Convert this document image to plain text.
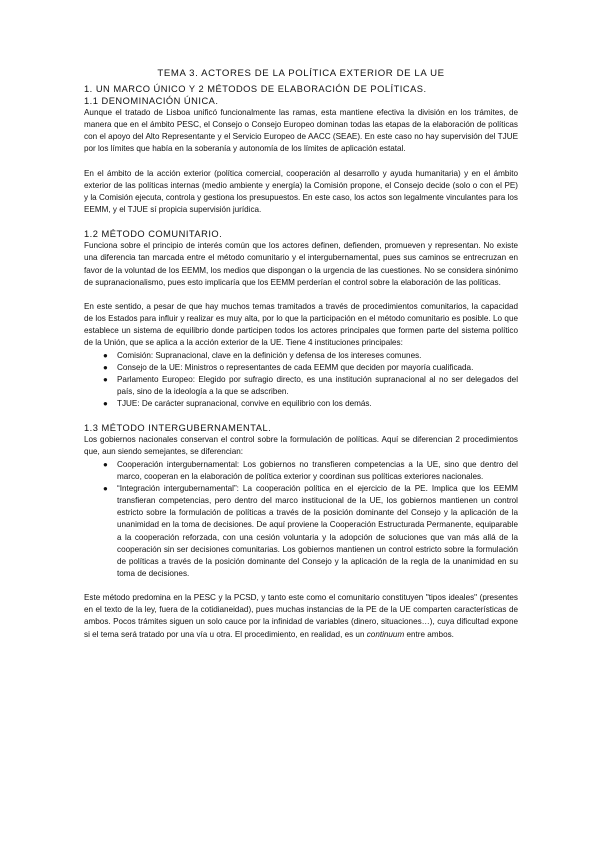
TEMA 3. ACTORES DE LA POLÍTICA EXTERIOR DE LA UE
1. UN MARCO ÚNICO Y 2 MÉTODOS DE ELABORACIÓN DE POLÍTICAS.
1.1 DENOMINACIÓN ÚNICA.

Aunque el tratado de Lisboa unificó funcionalmente las ramas, esta mantiene efectiva la división en los trámites, de manera que en el ámbito PESC, el Consejo o Consejo Europeo dominan todas las etapas de la elaboración de políticas con el apoyo del Alto Representante y el Servicio Europeo de AACC (SEAE). En este caso no hay supervisión del TJUE por los límites que había en la soberanía y autonomía de los límites de aplicación estatal.

En el ámbito de la acción exterior (política comercial, cooperación al desarrollo y ayuda humanitaria) y en el ámbito exterior de las políticas internas (medio ambiente y energía) la Comisión propone, el Consejo decide (solo o con el PE) y la Comisión ejecuta, controla y gestiona los presupuestos. En este caso, los actos son legalmente vinculantes para los EEMM, y el TJUE sí propicia supervisión jurídica.

1.2 MÉTODO COMUNITARIO.

Funciona sobre el principio de interés común que los actores definen, defienden, promueven y representan. No existe una diferencia tan marcada entre el método comunitario y el intergubernamental, pues sus caminos se entrecruzan en favor de la voluntad de los EEMM, los medios que dispongan o la urgencia de las cuestiones. No se considera sinónimo de supranacionalismo, pues esto implicaría que los EEMM perderían el control sobre la elaboración de las políticas.

En este sentido, a pesar de que hay muchos temas tramitados a través de procedimientos comunitarios, la capacidad de los Estados para influir y realizar es muy alta, por lo que la participación en el método comunitario es posible. Lo que establece un sistema de equilibrio donde participen todos los actores principales que formen parte del sistema político de la Unión, que se aplica a la acción exterior de la UE. Tiene 4 instituciones principales:

● Comisión: Supranacional, clave en la definición y defensa de los intereses comunes.
● Consejo de la UE: Ministros o representantes de cada EEMM que deciden por mayoría cualificada.
● Parlamento Europeo: Elegido por sufragio directo, es una institución supranacional al no ser delegados del país, sino de la ideología a la que se adscriben.
● TJUE: De carácter supranacional, convive en equilibrio con los demás.
1.3 MÉTODO INTERGUBERNAMENTAL.

Los gobiernos nacionales conservan el control sobre la formulación de políticas. Aquí se diferencian 2 procedimientos que, aun siendo semejantes, se diferencian:

● Cooperación intergubernamental: Los gobiernos no transfieren competencias a la UE, sino que dentro del marco, cooperan en la elaboración de política exterior y coordinan sus políticas exteriores nacionales.
● “Integración intergubernamental”: La cooperación política en el ejercicio de la PE. Implica que los EEMM transfieran competencias, pero dentro del marco institucional de la UE, los gobiernos mantienen un control estricto sobre la formulación de políticas a través de la posición dominante del Consejo y la aplicación de la unanimidad en la toma de decisiones. De aquí proviene la Cooperación Estructurada Permanente, equiparable a la cooperación reforzada, con una cesión voluntaria y la adopción de soluciones que van más allá de la cooperación sin ser decisiones comunitarias. Los gobiernos mantienen un control estricto sobre la formulación de políticas a través de la posición dominante del Consejo y la aplicación de la regla de la unanimidad en su toma de decisiones.

Este método predomina en la PESC y la PCSD, y tanto este como el comunitario constituyen "tipos ideales" (presentes en el texto de la ley, fuera de la cotidianeidad), pues muchas instancias de la PE de la UE comparten características de ambos. Pocos trámites siguen un solo cauce por la infinidad de variables (dinero, situaciones…), cuya dificultad expone si el tema será tratado por una vía u otra. El procedimiento, en realidad, es un continuum entre ambos.
